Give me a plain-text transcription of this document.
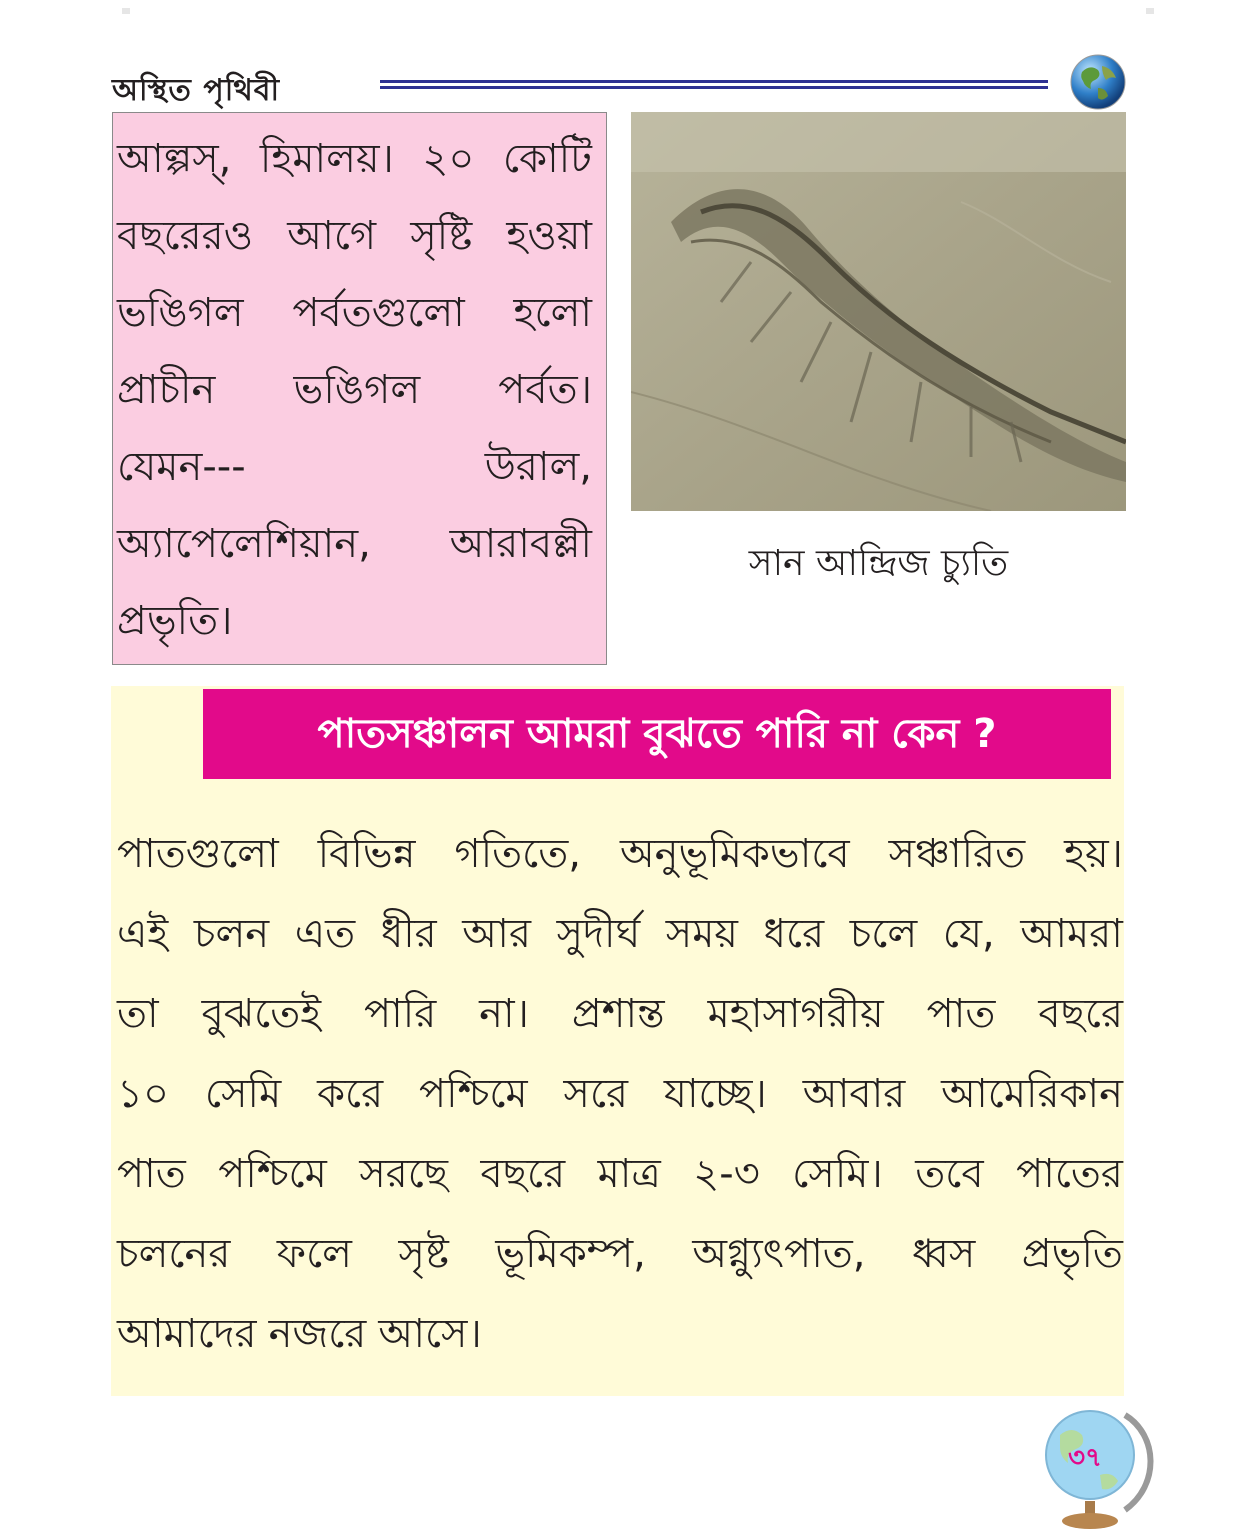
অস্থিত পৃথিবী
আল্পস্, হিমালয়। ২০ কোটি
বছরেরও আগে সৃষ্টি হওয়া
ভঙিগল পর্বতগুলো হলো
প্রাচীন ভঙিগল পর্বত।
যেমন---	উরাল,
অ্যাপেলেশিয়ান, আরাবল্লী
প্রভৃতি।
সান আন্দ্রিজ চ্যুতি
পাতসঞ্চালন আমরা বুঝতে পারি না কেন ?
পাতগুলো বিভিন্ন গতিতে, অনুভূমিকভাবে সঞ্চারিত হয়।
এই চলন এত ধীর আর সুদীর্ঘ সময় ধরে চলে যে, আমরা
তা বুঝতেই পারি না। প্রশান্ত মহাসাগরীয় পাত বছরে
১০ সেমি করে পশ্চিমে সরে যাচ্ছে। আবার আমেরিকান
পাত পশ্চিমে সরছে বছরে মাত্র ২-৩ সেমি। তবে পাতের
চলনের ফলে সৃষ্ট ভূমিকম্প, অগ্ন্যুৎপাত, ধ্বস প্রভৃতি
আমাদের নজরে আসে।
৩৭
